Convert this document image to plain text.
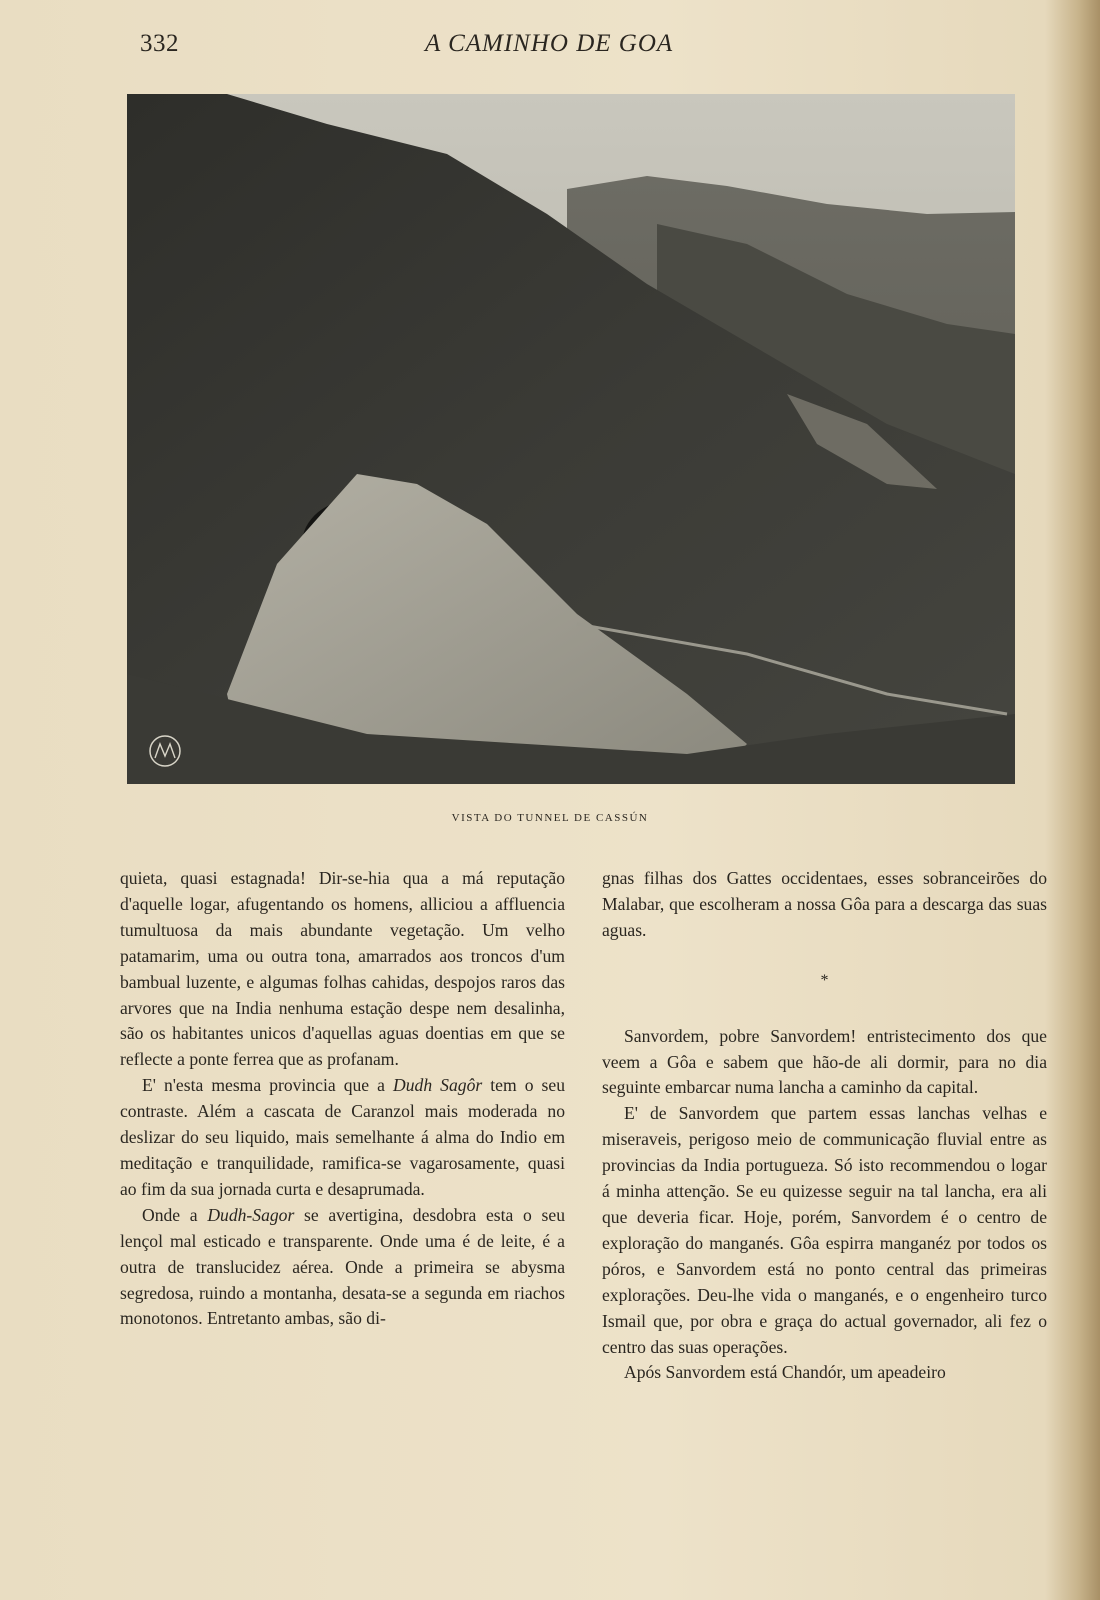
332	A CAMINHO DE GOA
VISTA DO TUNNEL DE CASSÚN

quieta, quasi estagnada! Dir-se-hia qua a má reputação d'aquelle logar, afugentando os homens, alliciou a affluencia tumultuosa da mais abundante vegetação. Um velho patamarim, uma ou outra tona, amarrados aos troncos d'um bambual luzente, e algumas folhas cahidas, despojos raros das arvores que na India nenhuma estação despe nem desalinha, são os habitantes unicos d'aquellas aguas doentias em que se reflecte a ponte ferrea que as profanam.

E' n'esta mesma provincia que a Dudh Sagôr tem o seu contraste. Além a cascata de Caranzol mais moderada no deslizar do seu liquido, mais semelhante á alma do Indio em meditação e tranquilidade, ramifica-se vagarosamente, quasi ao fim da sua jornada curta e desaprumada.

Onde a Dudh-Sagor se avertigina, desdobra esta o seu lençol mal esticado e transparente. Onde uma é de leite, é a outra de translucidez aérea. Onde a primeira se abysma segredosa, ruindo a montanha, desata-se a segunda em riachos monotonos. Entretanto ambas, são di-

gnas filhas dos Gattes occidentaes, esses sobranceirões do Malabar, que escolheram a nossa Gôa para a descarga das suas aguas.

*

Sanvordem, pobre Sanvordem! entristecimento dos que veem a Gôa e sabem que hão-de ali dormir, para no dia seguinte embarcar numa lancha a caminho da capital.

E' de Sanvordem que partem essas lanchas velhas e miseraveis, perigoso meio de communicação fluvial entre as provincias da India portugueza. Só isto recommendou o logar á minha attenção. Se eu quizesse seguir na tal lancha, era ali que deveria ficar. Hoje, porém, Sanvordem é o centro de exploração do manganés. Gôa espirra manganéz por todos os póros, e Sanvordem está no ponto central das primeiras explorações. Deu-lhe vida o manganés, e o engenheiro turco Ismail que, por obra e graça do actual governador, ali fez o centro das suas operações.

Após Sanvordem está Chandór, um apeadeiro
